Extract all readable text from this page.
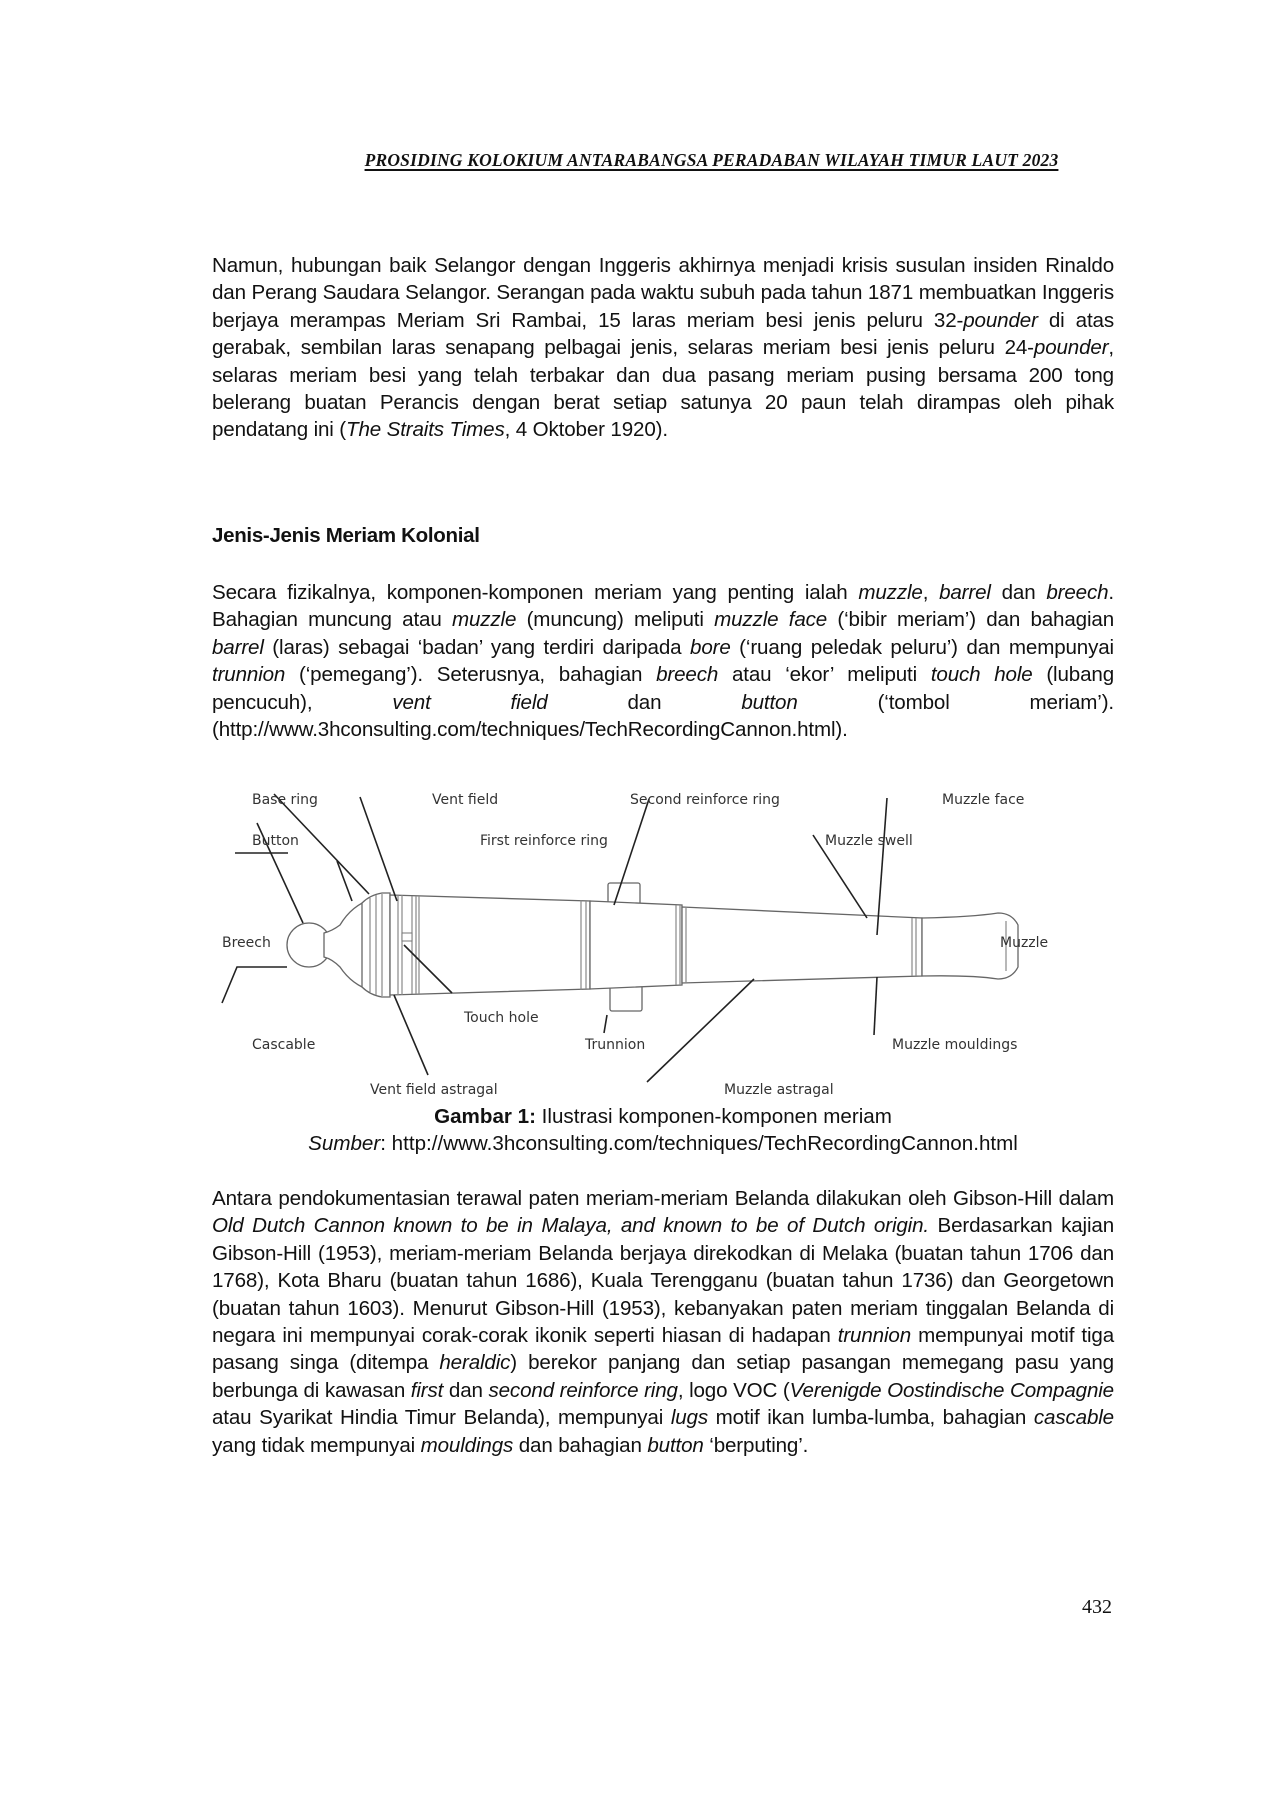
PROSIDING KOLOKIUM ANTARABANGSA PERADABAN WILAYAH TIMUR LAUT 2023
Namun, hubungan baik Selangor dengan Inggeris akhirnya menjadi krisis susulan insiden Rinaldo dan Perang Saudara Selangor. Serangan pada waktu subuh pada tahun 1871 membuatkan Inggeris berjaya merampas Meriam Sri Rambai, 15 laras meriam besi jenis peluru 32-pounder di atas gerabak, sembilan laras senapang pelbagai jenis, selaras meriam besi jenis peluru 24-pounder, selaras meriam besi yang telah terbakar dan dua pasang meriam pusing bersama 200 tong belerang buatan Perancis dengan berat setiap satunya 20 paun telah dirampas oleh pihak pendatang ini (The Straits Times, 4 Oktober 1920).
Jenis-Jenis Meriam Kolonial
Secara fizikalnya, komponen-komponen meriam yang penting ialah muzzle, barrel dan breech. Bahagian muncung atau muzzle (muncung) meliputi muzzle face (‘bibir meriam’) dan bahagian barrel (laras) sebagai ‘badan’ yang terdiri daripada bore (‘ruang peledak peluru’) dan mempunyai trunnion (‘pemegang’). Seterusnya, bahagian breech atau ‘ekor’ meliputi touch hole (lubang pencucuh), vent field dan button (‘tombol meriam’). (http://www.3hconsulting.com/techniques/TechRecordingCannon.html).
Base ring	Vent field	Second reinforce ring	Muzzle face
Button	First reinforce ring	Muzzle swell
Breech	Muzzle
Touch hole
Cascable	Trunnion	Muzzle mouldings
Vent field astragal	Muzzle astragal
Gambar 1: Ilustrasi komponen-komponen meriam
Sumber: http://www.3hconsulting.com/techniques/TechRecordingCannon.html
Antara pendokumentasian terawal paten meriam-meriam Belanda dilakukan oleh Gibson-Hill dalam Old Dutch Cannon known to be in Malaya, and known to be of Dutch origin. Berdasarkan kajian Gibson-Hill (1953), meriam-meriam Belanda berjaya direkodkan di Melaka (buatan tahun 1706 dan 1768), Kota Bharu (buatan tahun 1686), Kuala Terengganu (buatan tahun 1736) dan Georgetown (buatan tahun 1603). Menurut Gibson-Hill (1953), kebanyakan paten meriam tinggalan Belanda di negara ini mempunyai corak-corak ikonik seperti hiasan di hadapan trunnion mempunyai motif tiga pasang singa (ditempa heraldic) berekor panjang dan setiap pasangan memegang pasu yang berbunga di kawasan first dan second reinforce ring, logo VOC (Verenigde Oostindische Compagnie atau Syarikat Hindia Timur Belanda), mempunyai lugs motif ikan lumba-lumba, bahagian cascable yang tidak mempunyai mouldings dan bahagian button ‘berputing’.
432
